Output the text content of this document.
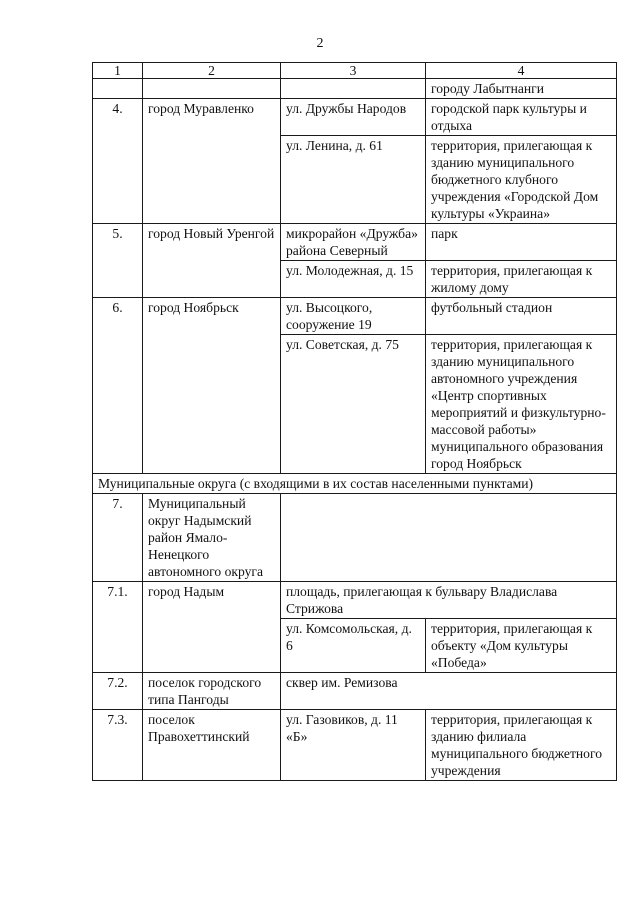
2
1	2	3	4
			городу Лабытнанги
4.	город Муравленко	ул. Дружбы Народов	городской парк культуры и отдыха
		ул. Ленина, д. 61	территория, прилегающая к зданию муниципального бюджетного клубного учреждения «Городской Дом культуры «Украина»
5.	город Новый Уренгой	микрорайон «Дружба» района Северный	парк
		ул. Молодежная, д. 15	территория, прилегающая к жилому дому
6.	город Ноябрьск	ул. Высоцкого, сооружение 19	футбольный стадион
		ул. Советская, д. 75	территория, прилегающая к зданию муниципального автономного учреждения «Центр спортивных мероприятий и физкультурно-массовой работы» муниципального образования город Ноябрьск
Муниципальные округа (с входящими в их состав населенными пунктами)			
7.	Муниципальный округ Надымский район Ямало-Ненецкого автономного округа		
7.1.	город Надым	площадь, прилегающая к бульвару Владислава Стрижова	
		ул. Комсомольская, д. 6	территория, прилегающая к объекту «Дом культуры «Победа»
7.2.	поселок городского типа Пангоды	сквер им. Ремизова	
7.3.	поселок Правохеттинский	ул. Газовиков, д. 11 «Б»	территория, прилегающая к зданию филиала муниципального бюджетного учреждения
